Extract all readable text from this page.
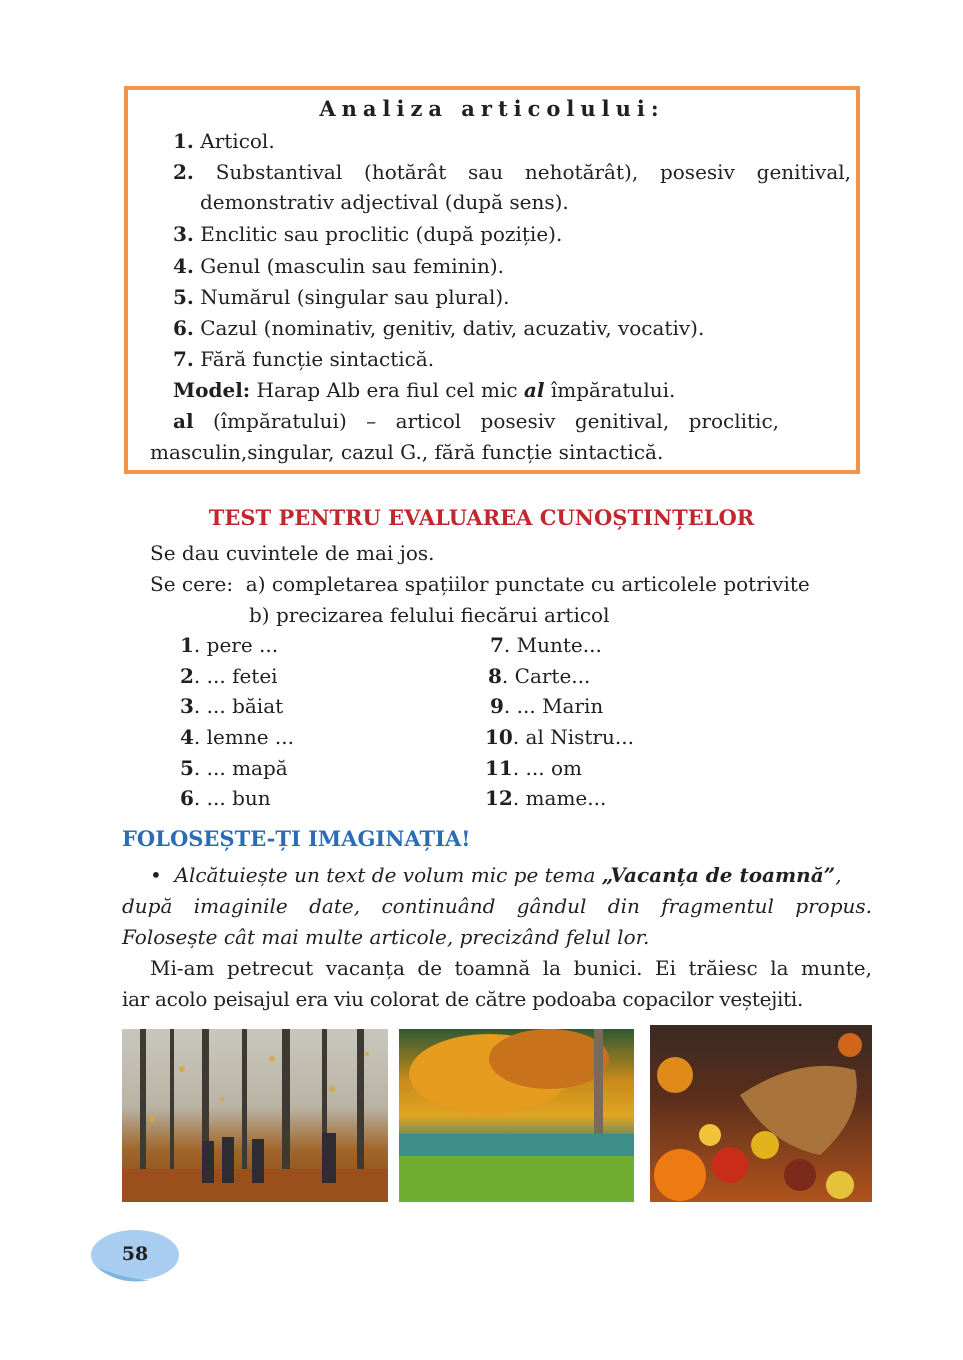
Analiza articolului:
1. Articol.
2. Substantival (hotărât sau nehotărât), posesiv genitival,
demonstrativ adjectival (după sens).
3. Enclitic sau proclitic (după poziție).
4. Genul (masculin sau feminin).
5. Numărul (singular sau plural).
6. Cazul (nominativ, genitiv, dativ, acuzativ, vocativ).
7. Fără funcție sintactică.
Model: Harap Alb era fiul cel mic al împăratului.
al (împăratului) – articol posesiv genitival, proclitic,
masculin,singular, cazul G., fără funcție sintactică.
TEST PENTRU EVALUAREA CUNOȘTINȚELOR
Se dau cuvintele de mai jos.
Se cere: a) completarea spațiilor punctate cu articolele potrivite
b) precizarea felului fiecărui articol
1. pere ...
2. ... fetei
3. ... băiat
4. lemne ...
5. ... mapă
6. ... bun
7. Munte...
8. Carte...
9. ... Marin
10. al Nistru...
11. ... om
12. mame...
FOLOSEȘTE-ȚI IMAGINAȚIA!
• Alcătuiește un text de volum mic pe tema „Vacanța de toamnă”,
după imaginile date, continuând gândul din fragmentul propus.
Folosește cât mai multe articole, precizând felul lor.
Mi-am petrecut vacanța de toamnă la bunici. Ei trăiesc la munte,
iar acolo peisajul era viu colorat de către podoaba copacilor veștejiti.
58
